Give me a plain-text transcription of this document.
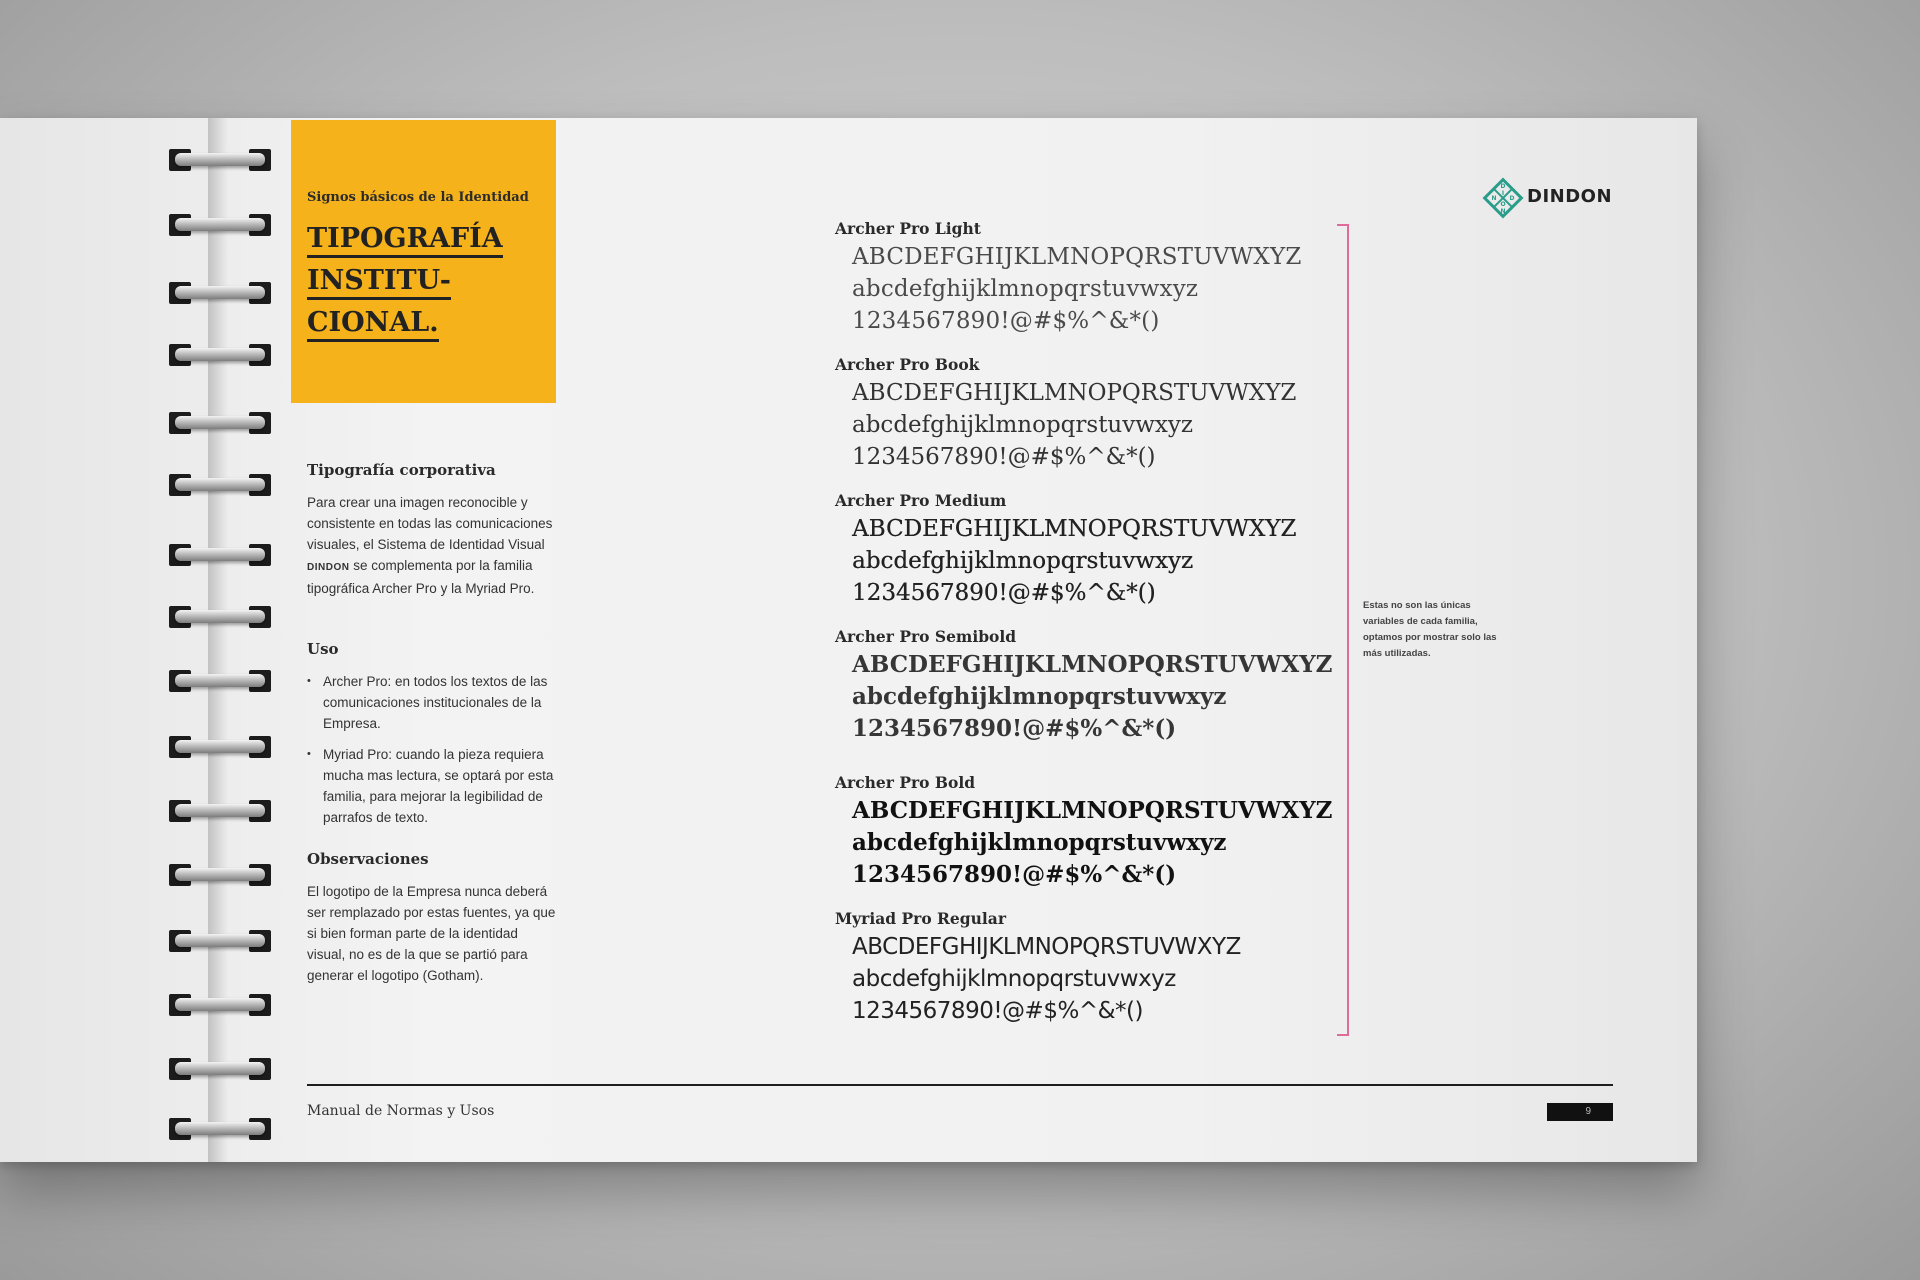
Signos básicos de la Identidad
TIPOGRAFÍA
INSTITU-
CIONAL.
Tipografía corporativa
Para crear una imagen reconocible y consistente en todas las comunicaciones visuales, el Sistema de Identidad Visual DINDON se complementa por la familia tipográfica Archer Pro y la Myriad Pro.
Uso
• Archer Pro: en todos los textos de las comunicaciones institucionales de la Empresa.
• Myriad Pro: cuando la pieza requiera mucha mas lectura, se optará por esta familia, para mejorar la legibilidad de parrafos de texto.
Observaciones
El logotipo de la Empresa nunca deberá ser remplazado por estas fuentes, ya que si bien forman parte de la identidad visual, no es de la que se partió para generar el logotipo (Gotham).
Archer Pro Light
ABCDEFGHIJKLMNOPQRSTUVWXYZ
abcdefghijklmnopqrstuvwxyz
1234567890!@#$%^&*()
Archer Pro Book
ABCDEFGHIJKLMNOPQRSTUVWXYZ
abcdefghijklmnopqrstuvwxyz
1234567890!@#$%^&*()
Archer Pro Medium
ABCDEFGHIJKLMNOPQRSTUVWXYZ
abcdefghijklmnopqrstuvwxyz
1234567890!@#$%^&*()
Archer Pro Semibold
ABCDEFGHIJKLMNOPQRSTUVWXYZ
abcdefghijklmnopqrstuvwxyz
1234567890!@#$%^&*()
Archer Pro Bold
ABCDEFGHIJKLMNOPQRSTUVWXYZ
abcdefghijklmnopqrstuvwxyz
1234567890!@#$%^&*()
Myriad Pro Regular
ABCDEFGHIJKLMNOPQRSTUVWXYZ
abcdefghijklmnopqrstuvwxyz
1234567890!@#$%^&*()
Estas no son las únicas variables de cada familia, optamos por mostrar solo las más utilizadas.
D
I
N D
O
N
DINDON
Manual de Normas y Usos	9
